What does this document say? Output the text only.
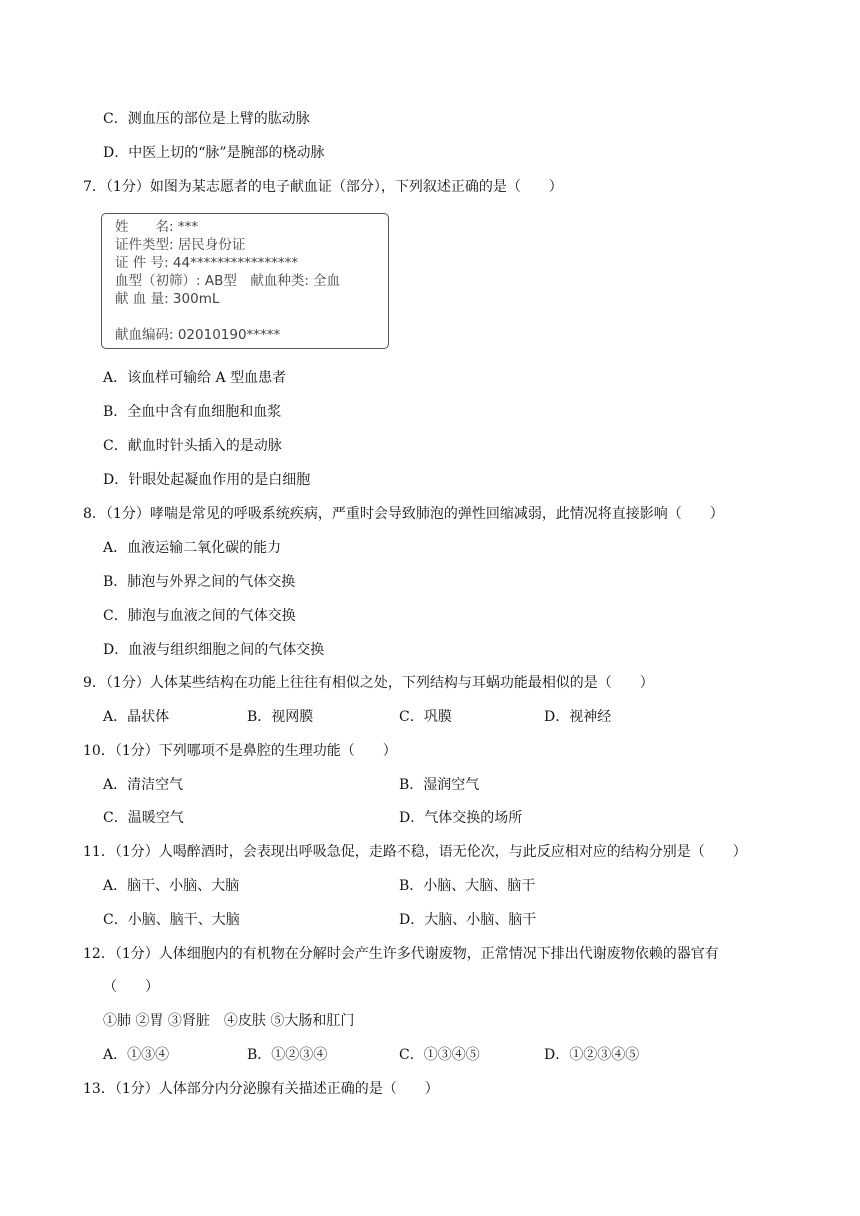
C．测血压的部位是上臂的肱动脉
D．中医上切的“脉”是腕部的桡动脉
7．（1分）如图为某志愿者的电子献血证（部分），下列叙述正确的是（　　）
姓　　名: ***
证件类型: 居民身份证
证 件 号: 44****************
血型（初筛）: AB型　献血种类: 全血
献 血 量: 300mL
献血编码: 02010190*****
A．该血样可输给 A 型血患者
B．全血中含有血细胞和血浆
C．献血时针头插入的是动脉
D．针眼处起凝血作用的是白细胞
8．（1分）哮喘是常见的呼吸系统疾病，严重时会导致肺泡的弹性回缩减弱，此情况将直接影响（　　）
A．血液运输二氧化碳的能力
B．肺泡与外界之间的气体交换
C．肺泡与血液之间的气体交换
D．血液与组织细胞之间的气体交换
9．（1分）人体某些结构在功能上往往有相似之处，下列结构与耳蜗功能最相似的是（　　）
A．晶状体	B．视网膜	C．巩膜	D．视神经
10．（1分）下列哪项不是鼻腔的生理功能（　　）
A．清洁空气	B．湿润空气
C．温暖空气	D．气体交换的场所
11．（1分）人喝醉酒时，会表现出呼吸急促，走路不稳，语无伦次，与此反应相对应的结构分别是（　　）
A．脑干、小脑、大脑	B．小脑、大脑、脑干
C．小脑、脑干、大脑	D．大脑、小脑、脑干
12．（1分）人体细胞内的有机物在分解时会产生许多代谢废物，正常情况下排出代谢废物依赖的器官有
（　　）
①肺 ②胃 ③肾脏　④皮肤 ⑤大肠和肛门
A．①③④	B．①②③④	C．①③④⑤	D．①②③④⑤
13．（1分）人体部分内分泌腺有关描述正确的是（　　）
